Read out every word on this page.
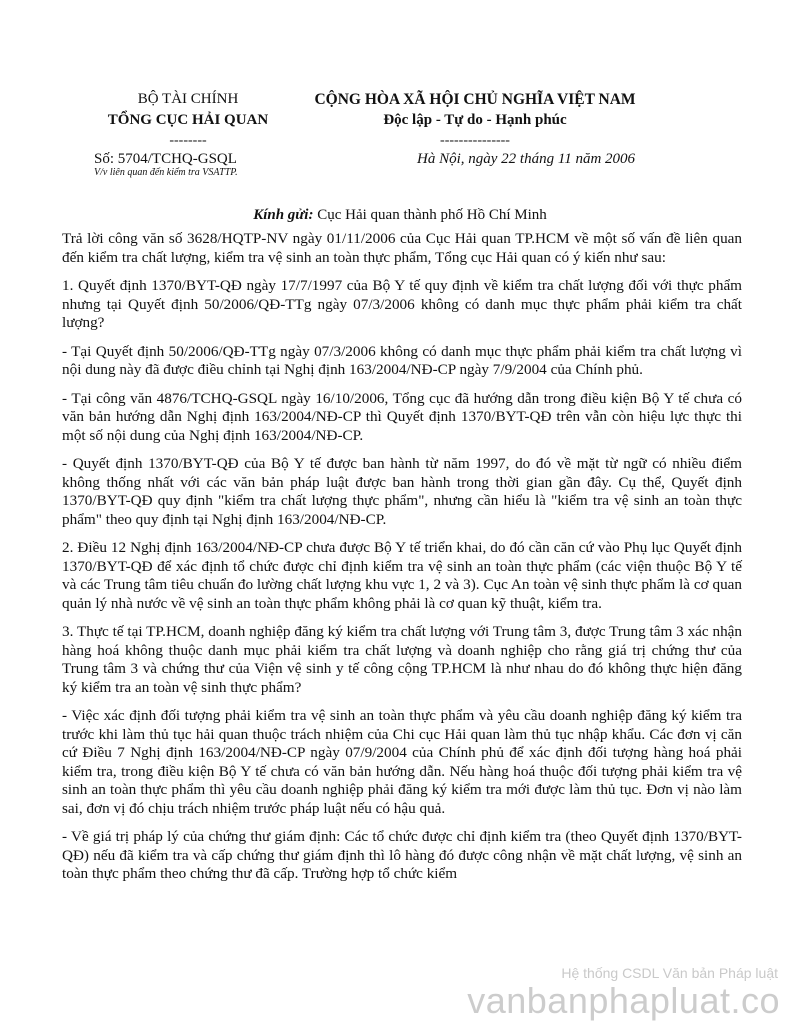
BỘ TÀI CHÍNH
TỔNG CỤC HẢI QUAN
--------
Số: 5704/TCHQ-GSQL
V/v liên quan đến kiểm tra VSATTP.
CỘNG HÒA XÃ HỘI CHỦ NGHĨA VIỆT NAM
Độc lập - Tự do - Hạnh phúc
---------------
Hà Nội, ngày 22 tháng 11 năm 2006
Kính gửi: Cục Hải quan thành phố Hồ Chí Minh

Trả lời công văn số 3628/HQTP-NV ngày 01/11/2006 của Cục Hải quan TP.HCM về một số vấn đề liên quan đến kiểm tra chất lượng, kiểm tra vệ sinh an toàn thực phẩm, Tổng cục Hải quan có ý kiến như sau:

1. Quyết định 1370/BYT-QĐ ngày 17/7/1997 của Bộ Y tế quy định về kiểm tra chất lượng đối với thực phẩm nhưng tại Quyết định 50/2006/QĐ-TTg ngày 07/3/2006 không có danh mục thực phẩm phải kiểm tra chất lượng?

- Tại Quyết định 50/2006/QĐ-TTg ngày 07/3/2006 không có danh mục thực phẩm phải kiểm tra chất lượng vì nội dung này đã được điều chỉnh tại Nghị định 163/2004/NĐ-CP ngày 7/9/2004 của Chính phủ.

- Tại công văn 4876/TCHQ-GSQL ngày 16/10/2006, Tổng cục đã hướng dẫn trong điều kiện Bộ Y tế chưa có văn bản hướng dẫn Nghị định 163/2004/NĐ-CP thì Quyết định 1370/BYT-QĐ trên vẫn còn hiệu lực thực thi một số nội dung của Nghị định 163/2004/NĐ-CP.

- Quyết định 1370/BYT-QĐ của Bộ Y tế được ban hành từ năm 1997, do đó về mặt từ ngữ có nhiều điểm không thống nhất với các văn bản pháp luật được ban hành trong thời gian gần đây. Cụ thể, Quyết định 1370/BYT-QĐ quy định "kiểm tra chất lượng thực phẩm", nhưng cần hiểu là "kiểm tra vệ sinh an toàn thực phẩm" theo quy định tại Nghị định 163/2004/NĐ-CP.

2. Điều 12 Nghị định 163/2004/NĐ-CP chưa được Bộ Y tế triển khai, do đó cần căn cứ vào Phụ lục Quyết định 1370/BYT-QĐ để xác định tổ chức được chỉ định kiểm tra vệ sinh an toàn thực phẩm (các viện thuộc Bộ Y tế và các Trung tâm tiêu chuẩn đo lường chất lượng khu vực 1, 2 và 3). Cục An toàn vệ sinh thực phẩm là cơ quan quản lý nhà nước về vệ sinh an toàn thực phẩm không phải là cơ quan kỹ thuật, kiểm tra.

3. Thực tế tại TP.HCM, doanh nghiệp đăng ký kiểm tra chất lượng với Trung tâm 3, được Trung tâm 3 xác nhận hàng hoá không thuộc danh mục phải kiểm tra chất lượng và doanh nghiệp cho rằng giá trị chứng thư của Trung tâm 3 và chứng thư của Viện vệ sinh y tế công cộng TP.HCM là như nhau do đó không thực hiện đăng ký kiểm tra an toàn vệ sinh thực phẩm?

- Việc xác định đối tượng phải kiểm tra vệ sinh an toàn thực phẩm và yêu cầu doanh nghiệp đăng ký kiểm tra trước khi làm thủ tục hải quan thuộc trách nhiệm của Chi cục Hải quan làm thủ tục nhập khẩu. Các đơn vị căn cứ Điều 7 Nghị định 163/2004/NĐ-CP ngày 07/9/2004 của Chính phủ để xác định đối tượng hàng hoá phải kiểm tra, trong điều kiện Bộ Y tế chưa có văn bản hướng dẫn. Nếu hàng hoá thuộc đối tượng phải kiểm tra vệ sinh an toàn thực phẩm thì yêu cầu doanh nghiệp phải đăng ký kiểm tra mới được làm thủ tục. Đơn vị nào làm sai, đơn vị đó chịu trách nhiệm trước pháp luật nếu có hậu quả.

- Về giá trị pháp lý của chứng thư giám định: Các tổ chức được chỉ định kiểm tra (theo Quyết định 1370/BYT-QĐ) nếu đã kiểm tra và cấp chứng thư giám định thì lô hàng đó được công nhận về mặt chất lượng, vệ sinh an toàn thực phẩm theo chứng thư đã cấp. Trường hợp tổ chức kiểm

Hệ thống CSDL Văn bản Pháp luật
vanbanphapluat.co
